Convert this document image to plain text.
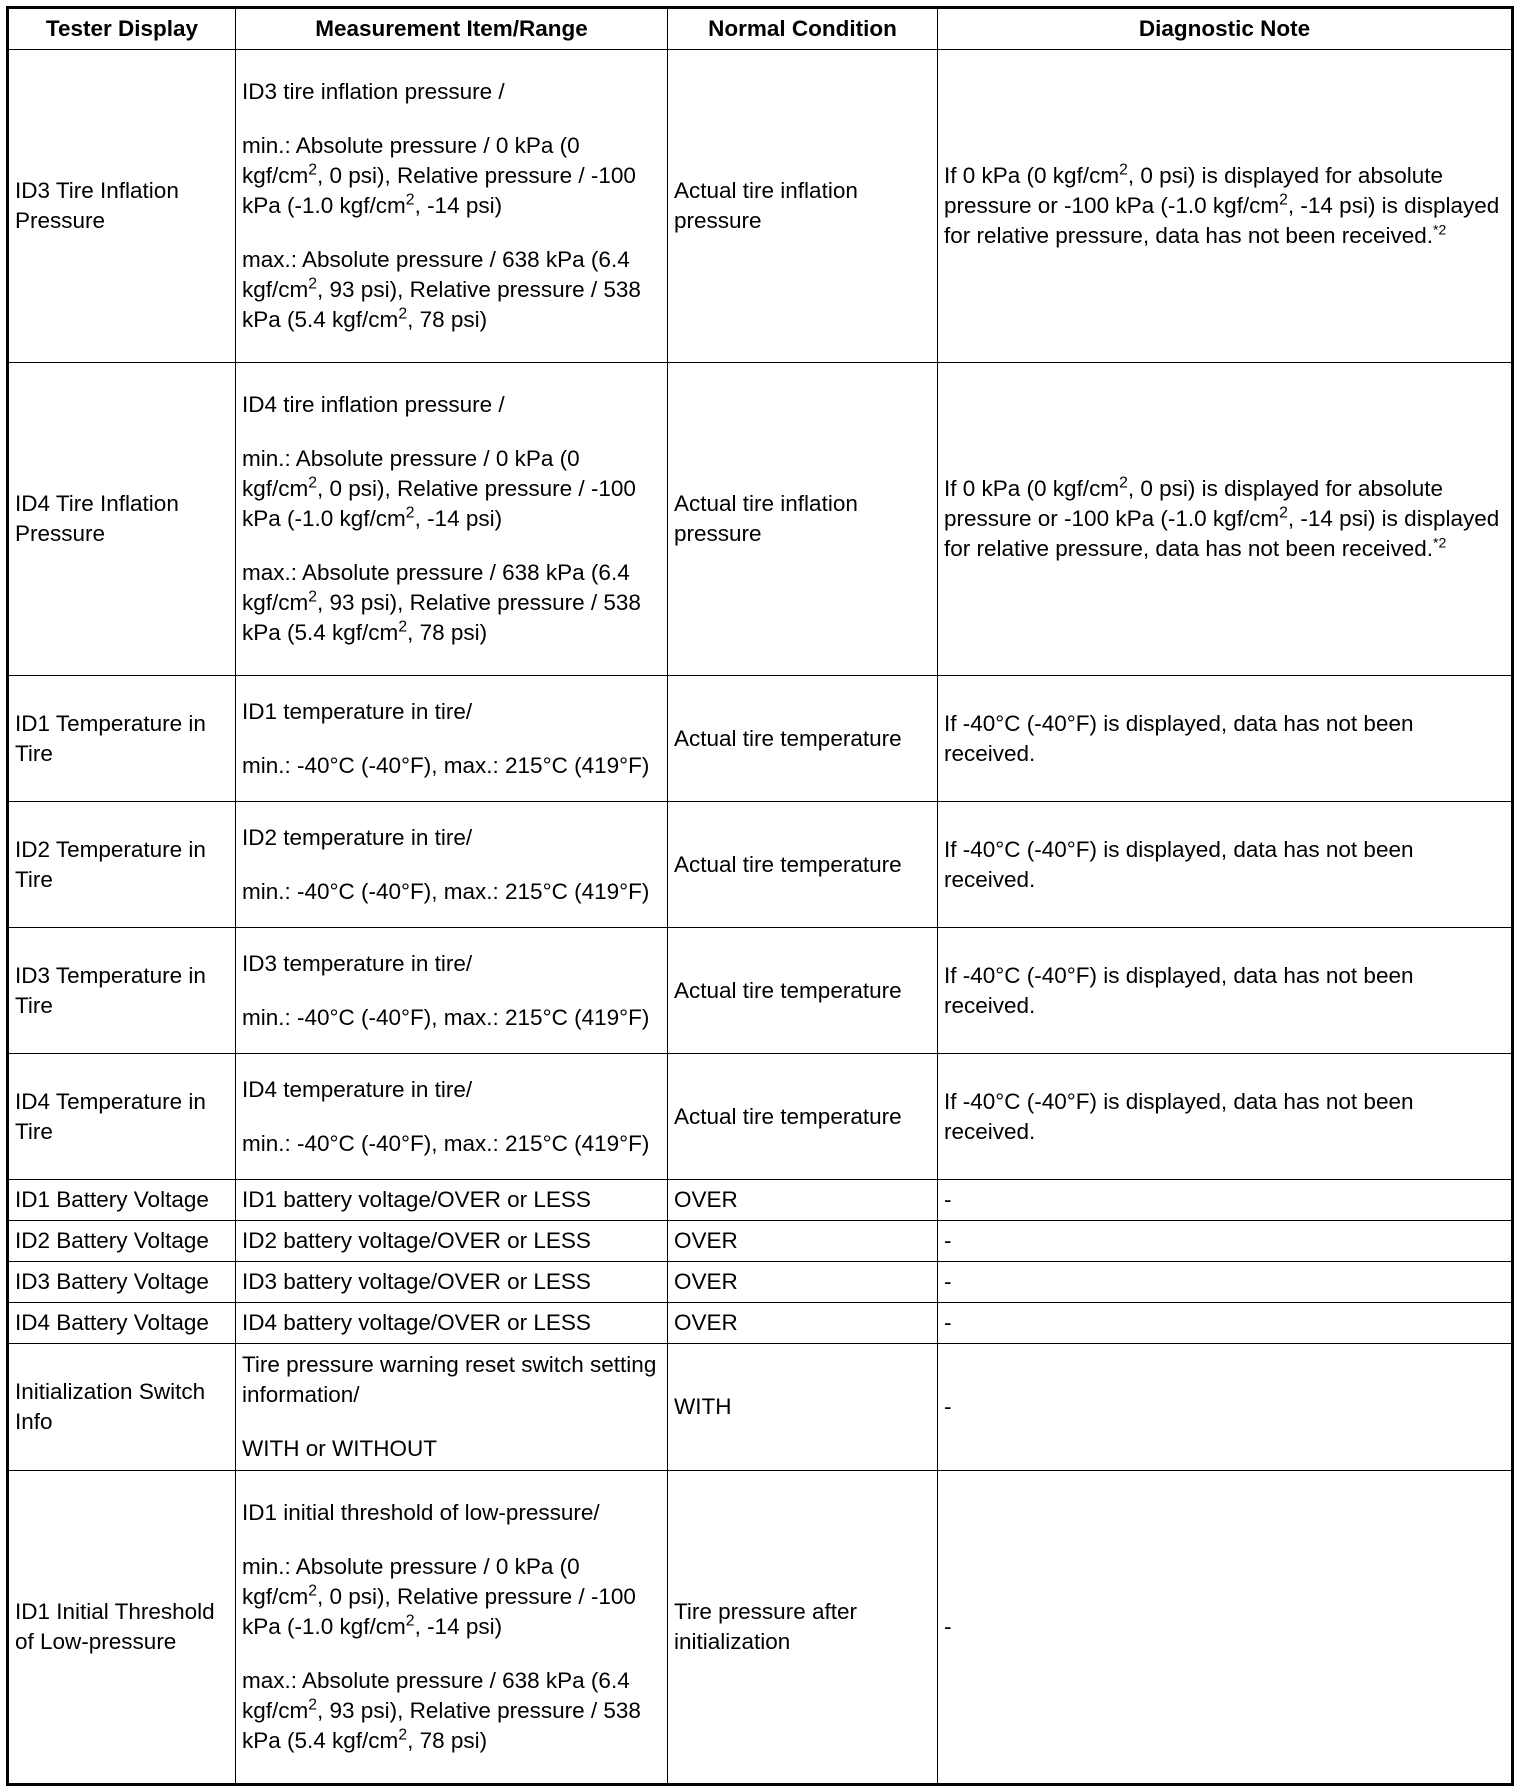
Tester Display	Measurement Item/Range	Normal Condition	Diagnostic Note
ID3 Tire Inflation Pressure	ID3 tire inflation pressure /

min.: Absolute pressure / 0 kPa (0 kgf/$cm^2$, 0 psi), Relative pressure / -100 kPa (-1.0 kgf/$cm^2$, -14 psi)

max.: Absolute pressure / 638 kPa (6.4 kgf/$cm^2$, 93 psi), Relative pressure / 538 kPa (5.4 kgf/$cm^2$, 78 psi)	Actual tire inflation pressure	If 0 kPa (0 kgf/$cm^2$, 0 psi) is displayed for absolute pressure or -100 kPa (-1.0 kgf/$cm^2$, -14 psi) is displayed for relative pressure, data has not been received.$^{*2}$
ID4 Tire Inflation Pressure	ID4 tire inflation pressure /

min.: Absolute pressure / 0 kPa (0 kgf/$cm^2$, 0 psi), Relative pressure / -100 kPa (-1.0 kgf/$cm^2$, -14 psi)

max.: Absolute pressure / 638 kPa (6.4 kgf/$cm^2$, 93 psi), Relative pressure / 538 kPa (5.4 kgf/$cm^2$, 78 psi)	Actual tire inflation pressure	If 0 kPa (0 kgf/$cm^2$, 0 psi) is displayed for absolute pressure or -100 kPa (-1.0 kgf/$cm^2$, -14 psi) is displayed for relative pressure, data has not been received.$^{*2}$
ID1 Temperature in Tire	ID1 temperature in tire/

min.: -40°C (-40°F), max.: 215°C (419°F)	Actual tire temperature	If -40°C (-40°F) is displayed, data has not been received.
ID2 Temperature in Tire	ID2 temperature in tire/

min.: -40°C (-40°F), max.: 215°C (419°F)	Actual tire temperature	If -40°C (-40°F) is displayed, data has not been received.
ID3 Temperature in Tire	ID3 temperature in tire/

min.: -40°C (-40°F), max.: 215°C (419°F)	Actual tire temperature	If -40°C (-40°F) is displayed, data has not been received.
ID4 Temperature in Tire	ID4 temperature in tire/

min.: -40°C (-40°F), max.: 215°C (419°F)	Actual tire temperature	If -40°C (-40°F) is displayed, data has not been received.
ID1 Battery Voltage	ID1 battery voltage/OVER or LESS	OVER	-
ID2 Battery Voltage	ID2 battery voltage/OVER or LESS	OVER	-
ID3 Battery Voltage	ID3 battery voltage/OVER or LESS	OVER	-
ID4 Battery Voltage	ID4 battery voltage/OVER or LESS	OVER	-
Initialization Switch Info	Tire pressure warning reset switch setting information/

WITH or WITHOUT	WITH	-
ID1 Initial Threshold of Low-pressure	ID1 initial threshold of low-pressure/

min.: Absolute pressure / 0 kPa (0 kgf/$cm^2$, 0 psi), Relative pressure / -100 kPa (-1.0 kgf/$cm^2$, -14 psi)

max.: Absolute pressure / 638 kPa (6.4 kgf/$cm^2$, 93 psi), Relative pressure / 538 kPa (5.4 kgf/$cm^2$, 78 psi)	Tire pressure after initialization	-
